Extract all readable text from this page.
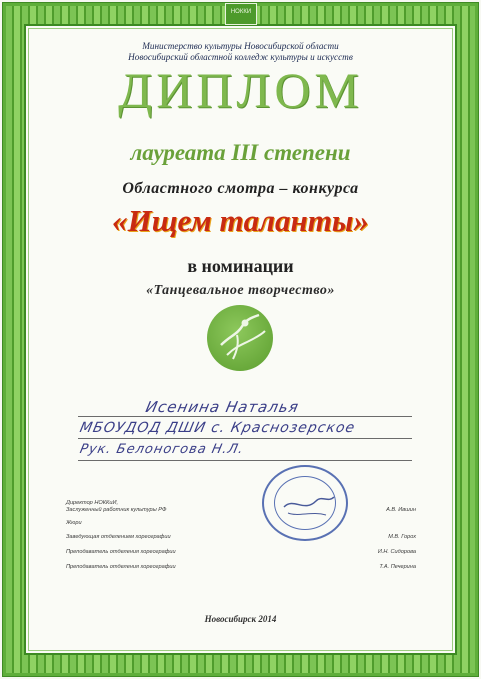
НОККИ
Министерство культуры Новосибирской области
Новосибирский областной колледж культуры и искусств
ДИПЛОМ
лауреата III степени
Областного смотра – конкурса
«Ищем таланты»
в номинации
«Танцевальное творчество»
Исенина Наталья
МБОУДОД ДШИ с. Краснозерское
Рук. Белоногова Н.Л.
Директор НОККиИ,
Заслуженный работник культуры РФ	А.В. Ившин
Жюри
Заведующая отделением хореографии	М.В. Горох
Преподаватель отделения хореографии	И.Н. Сидорова
Преподаватель отделения хореографии	Т.А. Печерина
Новосибирск 2014
